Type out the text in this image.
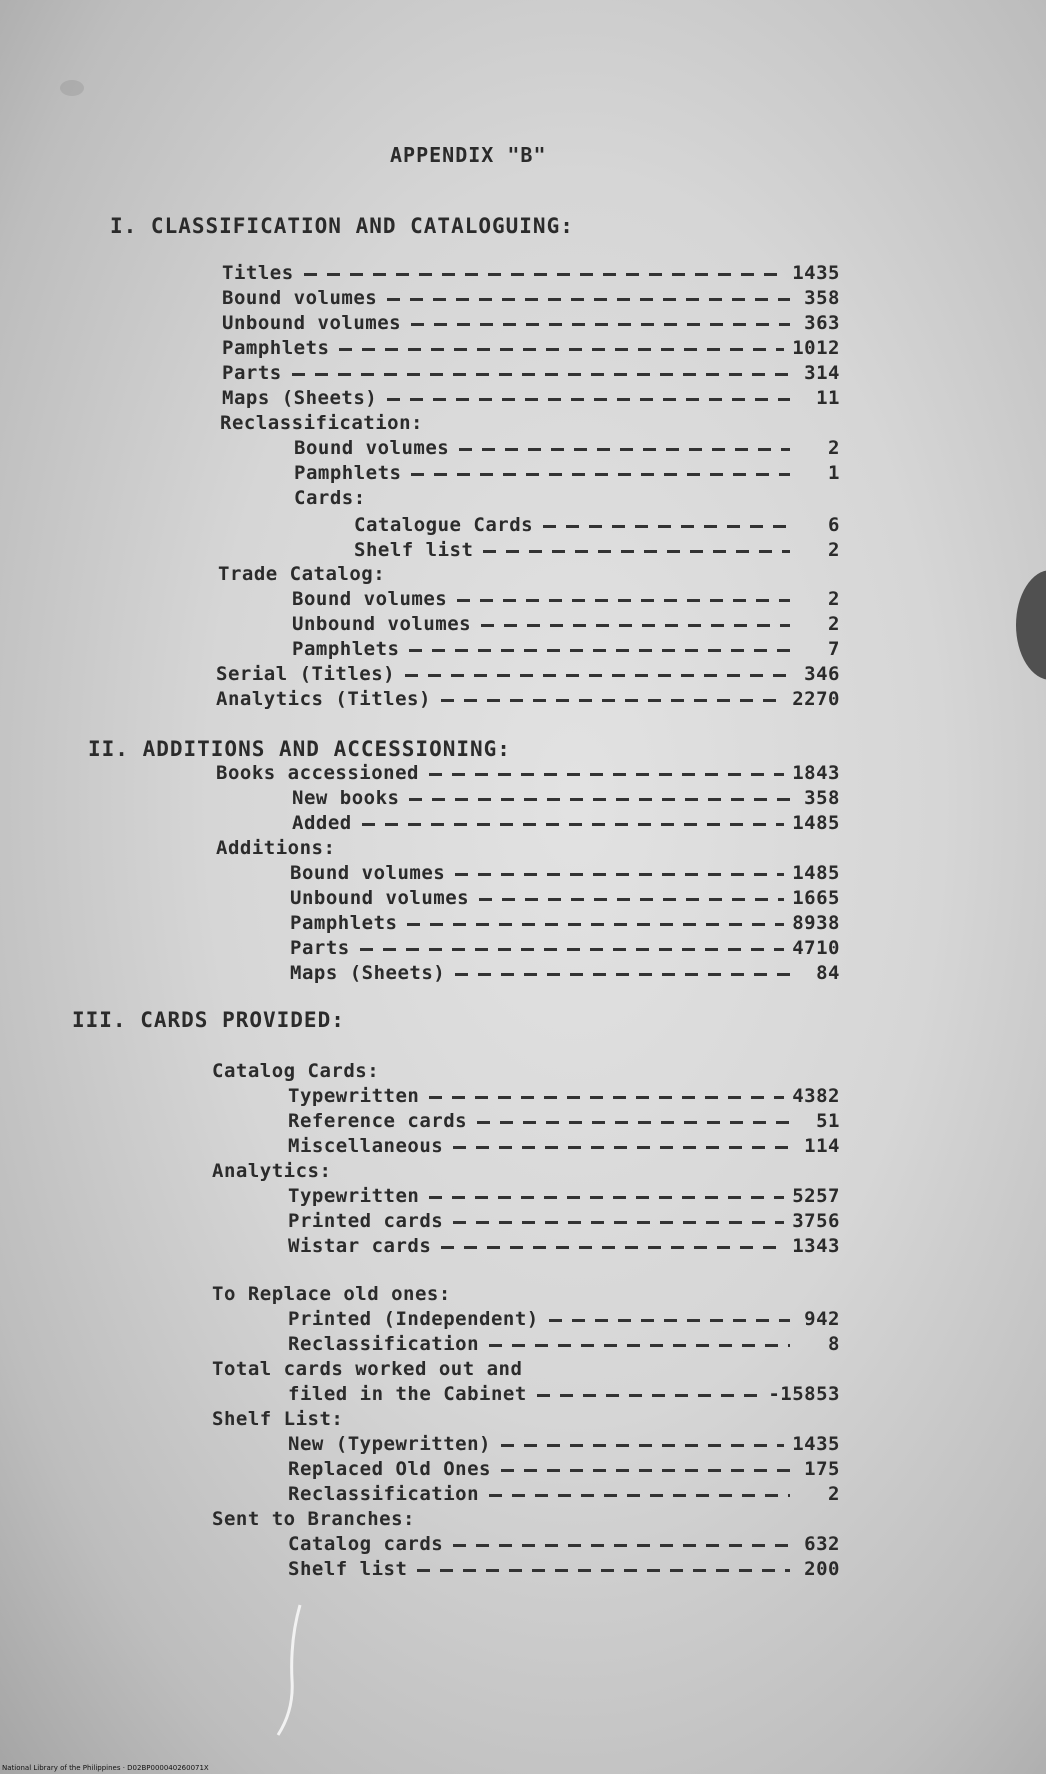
APPENDIX "B"
I. CLASSIFICATION AND CATALOGUING:
Titles	1435
Bound volumes	358
Unbound volumes	363
Pamphlets	1012
Parts	314
Maps (Sheets)	11
Reclassification:
Bound volumes	2
Pamphlets	1
Cards:
Catalogue Cards	6
Shelf list	2
Trade Catalog:
Bound volumes	2
Unbound volumes	2
Pamphlets	7
Serial (Titles)	346
Analytics (Titles)	2270
II. ADDITIONS AND ACCESSIONING:
Books accessioned	1843
New books	358
Added	1485
Additions:
Bound volumes	1485
Unbound volumes	1665
Pamphlets	8938
Parts	4710
Maps (Sheets)	84
III. CARDS PROVIDED:
Catalog Cards:
Typewritten	4382
Reference cards	51
Miscellaneous	114
Analytics:
Typewritten	5257
Printed cards	3756
Wistar cards	1343
To Replace old ones:
Printed (Independent)	942
Reclassification	8
Total cards worked out and
filed in the Cabinet	-15853
Shelf List:
New (Typewritten)	1435
Replaced Old Ones	175
Reclassification	2
Sent to Branches:
Catalog cards	632
Shelf list	200
National Library of the Philippines · D02BP000040260071X
